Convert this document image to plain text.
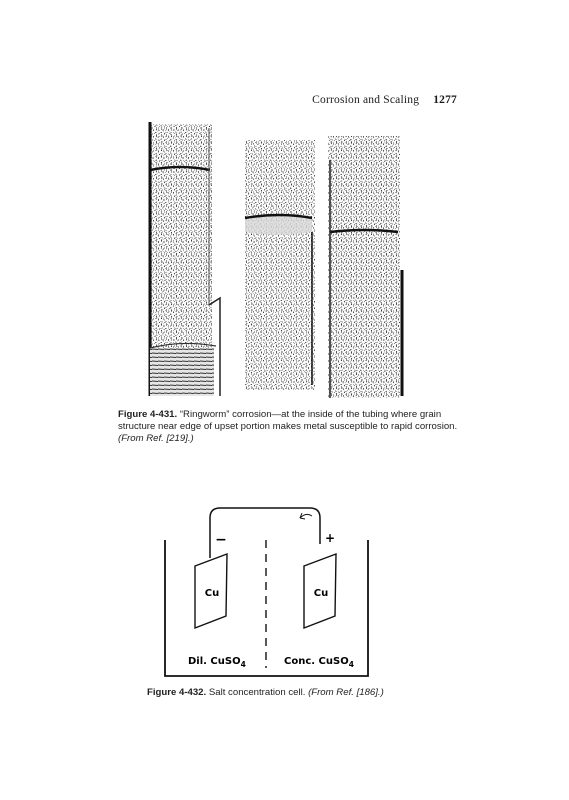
Corrosion and Scaling 1277
Figure 4-431. “Ringworm” corrosion—at the inside of the tubing where grain structure near edge of upset portion makes metal susceptible to rapid corrosion. (From Ref. [219].)
Cu	Cu
−	+
Dil. CuSO$_4$	Conc. CuSO$_4$
Figure 4-432. Salt concentration cell. (From Ref. [186].)
